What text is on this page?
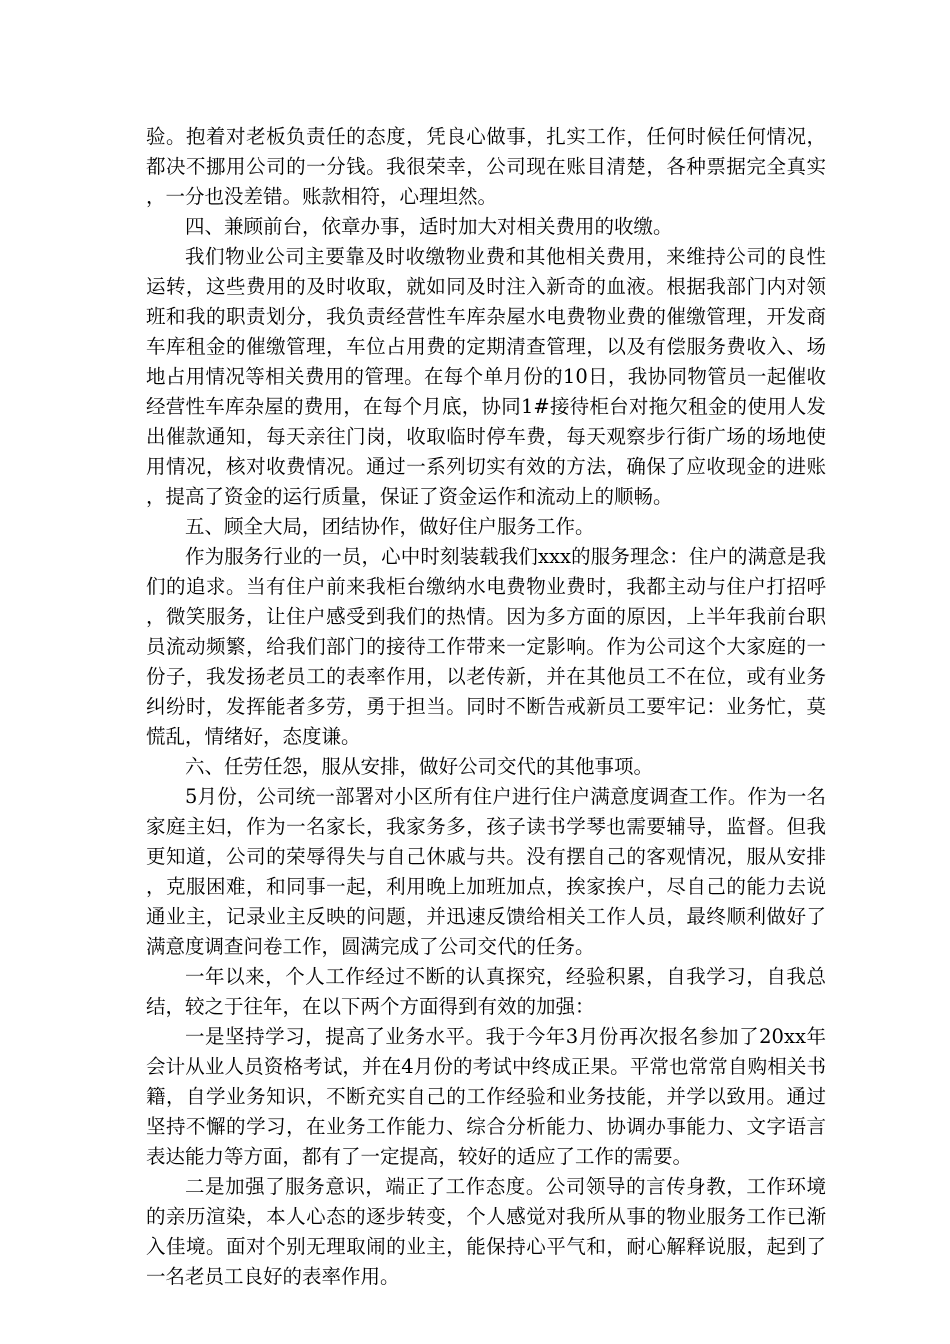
验。抱着对老板负责任的态度，凭良心做事，扎实工作，任何时候任何情况，都决不挪用公司的一分钱。我很荣幸，公司现在账目清楚，各种票据完全真实，一分也没差错。账款相符，心理坦然。

四、兼顾前台，依章办事，适时加大对相关费用的收缴。

我们物业公司主要靠及时收缴物业费和其他相关费用，来维持公司的良性运转，这些费用的及时收取，就如同及时注入新奇的血液。根据我部门内对领班和我的职责划分，我负责经营性车库杂屋水电费物业费的催缴管理，开发商车库租金的催缴管理，车位占用费的定期清查管理，以及有偿服务费收入、场地占用情况等相关费用的管理。在每个单月份的10日，我协同物管员一起催收经营性车库杂屋的费用，在每个月底，协同1#接待柜台对拖欠租金的使用人发出催款通知，每天亲往门岗，收取临时停车费，每天观察步行街广场的场地使用情况，核对收费情况。通过一系列切实有效的方法，确保了应收现金的进账，提高了资金的运行质量，保证了资金运作和流动上的顺畅。

五、顾全大局，团结协作，做好住户服务工作。

作为服务行业的一员，心中时刻装载我们xxx的服务理念：住户的满意是我们的追求。当有住户前来我柜台缴纳水电费物业费时，我都主动与住户打招呼，微笑服务，让住户感受到我们的热情。因为多方面的原因，上半年我前台职员流动频繁，给我们部门的接待工作带来一定影响。作为公司这个大家庭的一份子，我发扬老员工的表率作用，以老传新，并在其他员工不在位，或有业务纠纷时，发挥能者多劳，勇于担当。同时不断告戒新员工要牢记：业务忙，莫慌乱，情绪好，态度谦。

六、任劳任怨，服从安排，做好公司交代的其他事项。

5月份，公司统一部署对小区所有住户进行住户满意度调查工作。作为一名家庭主妇，作为一名家长，我家务多，孩子读书学琴也需要辅导，监督。但我更知道，公司的荣辱得失与自己休戚与共。没有摆自己的客观情况，服从安排，克服困难，和同事一起，利用晚上加班加点，挨家挨户，尽自己的能力去说通业主，记录业主反映的问题，并迅速反馈给相关工作人员，最终顺利做好了满意度调查问卷工作，圆满完成了公司交代的任务。

一年以来，个人工作经过不断的认真探究，经验积累，自我学习，自我总结，较之于往年，在以下两个方面得到有效的加强：

一是坚持学习，提高了业务水平。我于今年3月份再次报名参加了20xx年会计从业人员资格考试，并在4月份的考试中终成正果。平常也常常自购相关书籍，自学业务知识，不断充实自己的工作经验和业务技能，并学以致用。通过坚持不懈的学习，在业务工作能力、综合分析能力、协调办事能力、文字语言表达能力等方面，都有了一定提高，较好的适应了工作的需要。

二是加强了服务意识，端正了工作态度。公司领导的言传身教，工作环境的亲历渲染，本人心态的逐步转变，个人感觉对我所从事的物业服务工作已渐入佳境。面对个别无理取闹的业主，能保持心平气和，耐心解释说服，起到了一名老员工良好的表率作用。
